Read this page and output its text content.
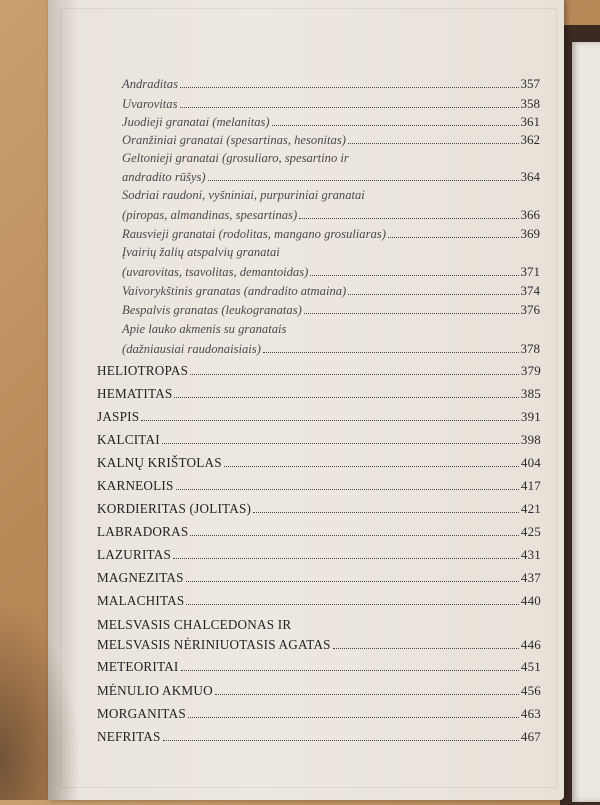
Andraditas	357
Uvarovitas	358
Juodieji granatai (melanitas)	361
Oranžiniai granatai (spesartinas, hesonitas)	362
Geltonieji granatai (grosuliaro, spesartino ir
andradito rūšys)	364
Sodriai raudoni, vyšniniai, purpuriniai granatai
(piropas, almandinas, spesartinas)	366
Rausvieji granatai (rodolitas, mangano grosuliaras)	369
Įvairių žalių atspalvių granatai
(uvarovitas, tsavolitas, demantoidas)	371
Vaivorykštinis granatas (andradito atmaina)	374
Bespalvis granatas (leukogranatas)	376
Apie lauko akmenis su granatais
(dažniausiai raudonaisiais)	378
HELIOTROPAS	379
HEMATITAS	385
JASPIS	391
KALCITAI	398
KALNŲ KRIŠTOLAS	404
KARNEOLIS	417
KORDIERITAS (JOLITAS)	421
LABRADORAS	425
LAZURITAS	431
MAGNEZITAS	437
MALACHITAS	440
MELSVASIS CHALCEDONAS IR
MELSVASIS NĖRINIUOTASIS AGATAS	446
METEORITAI	451
MĖNULIO AKMUO	456
MORGANITAS	463
NEFRITAS	467
